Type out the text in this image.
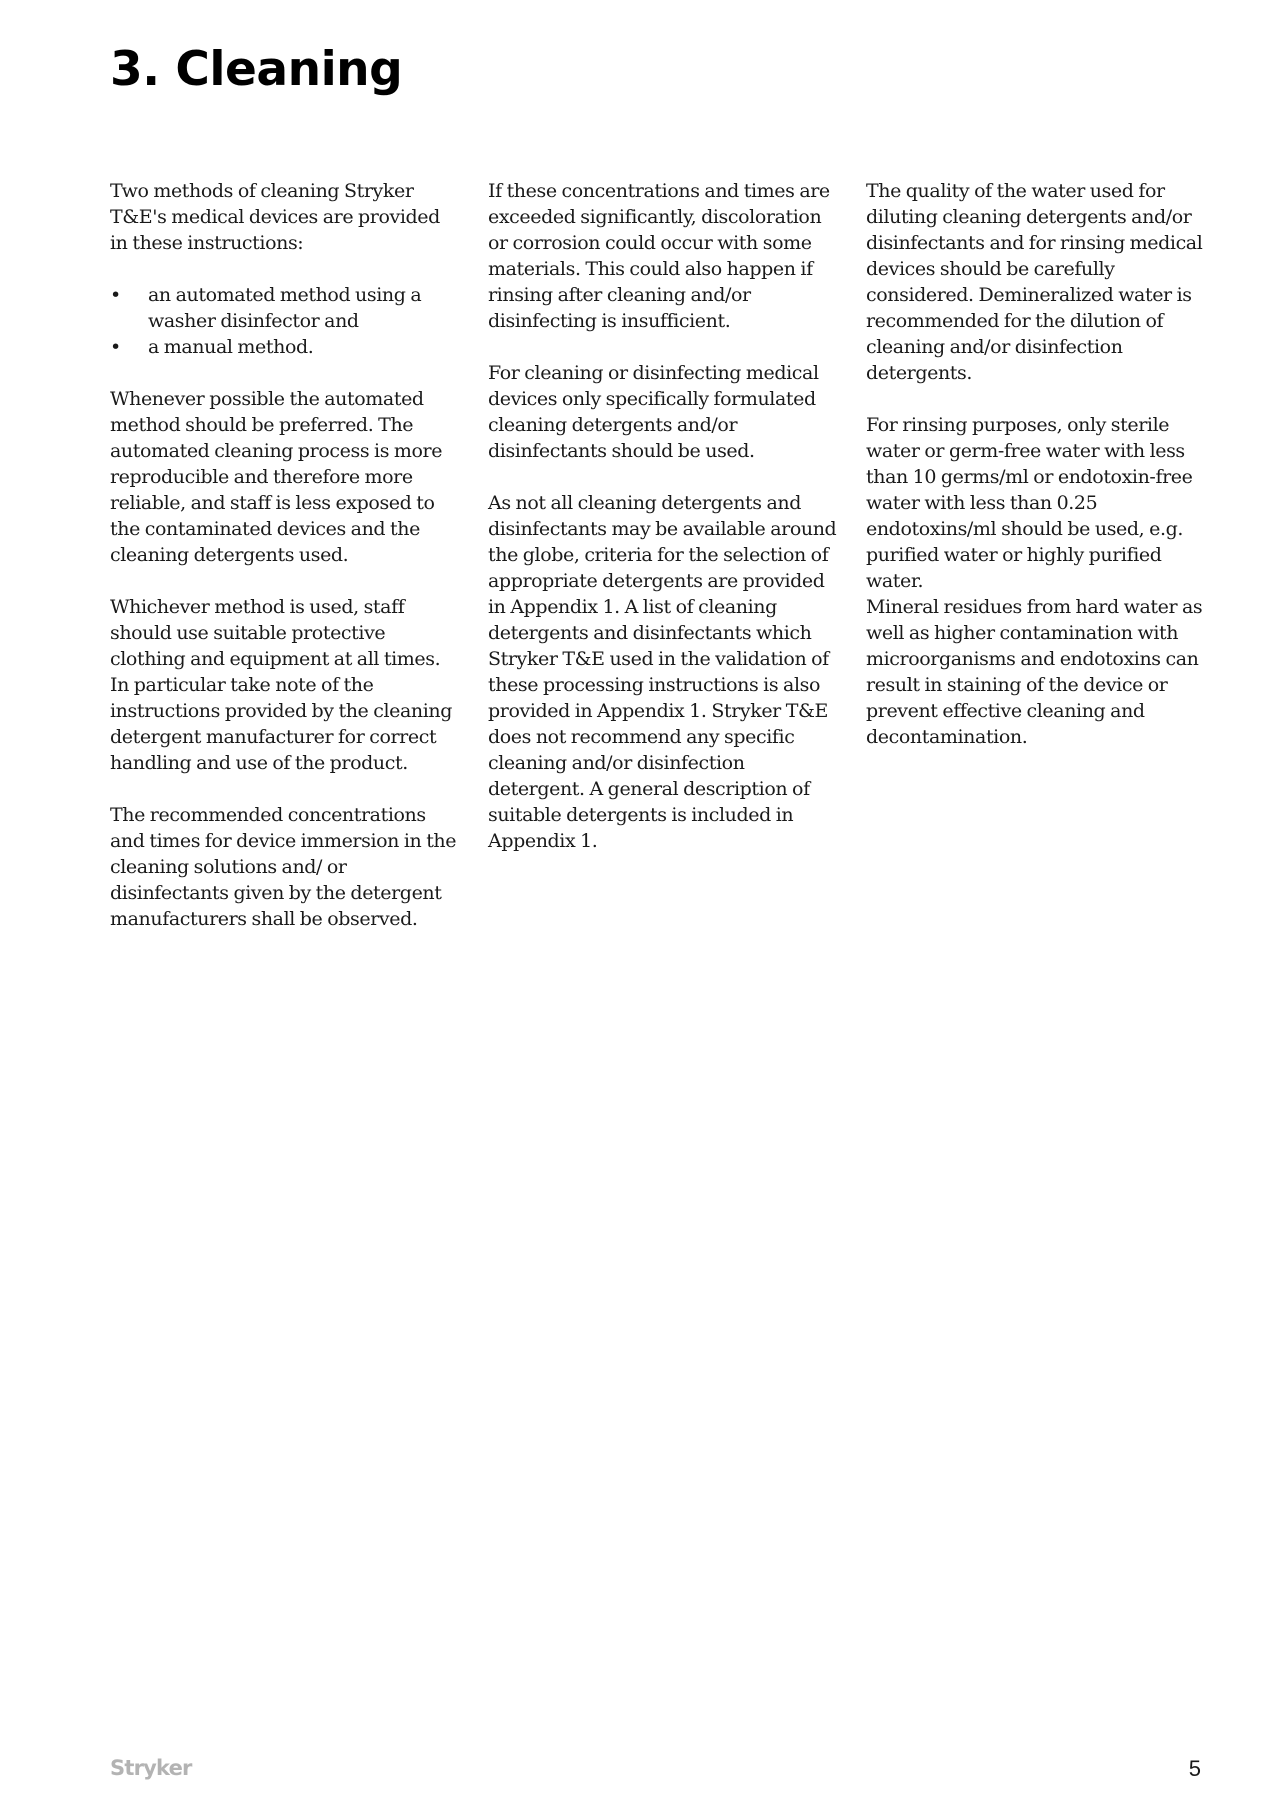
3. Cleaning

Two methods of cleaning Stryker T&E's medical devices are provided in these instructions:

• an automated method using a washer disinfector and
• a manual method.

Whenever possible the automated method should be preferred. The automated cleaning process is more reproducible and therefore more reliable, and staff is less exposed to the contaminated devices and the cleaning detergents used.

Whichever method is used, staff should use suitable protective clothing and equipment at all times. In particular take note of the instructions provided by the cleaning detergent manufacturer for correct handling and use of the product.

The recommended concentrations and times for device immersion in the cleaning solutions and/ or disinfectants given by the detergent manufacturers shall be observed.

If these concentrations and times are exceeded significantly, discoloration or corrosion could occur with some materials. This could also happen if rinsing after cleaning and/or disinfecting is insufficient.

For cleaning or disinfecting medical devices only specifically formulated cleaning detergents and/or disinfectants should be used.

As not all cleaning detergents and disinfectants may be available around the globe, criteria for the selection of appropriate detergents are provided in Appendix 1. A list of cleaning detergents and disinfectants which Stryker T&E used in the validation of these processing instructions is also provided in Appendix 1. Stryker T&E does not recommend any specific cleaning and/or disinfection detergent. A general description of suitable detergents is included in Appendix 1.

The quality of the water used for diluting cleaning detergents and/or disinfectants and for rinsing medical devices should be carefully considered. Demineralized water is recommended for the dilution of cleaning and/or disinfection detergents.

For rinsing purposes, only sterile water or germ-free water with less than 10 germs/ml or endotoxin-free water with less than 0.25 endotoxins/ml should be used, e.g. purified water or highly purified water.

Mineral residues from hard water as well as higher contamination with microorganisms and endotoxins can result in staining of the device or prevent effective cleaning and decontamination.

Stryker	5
